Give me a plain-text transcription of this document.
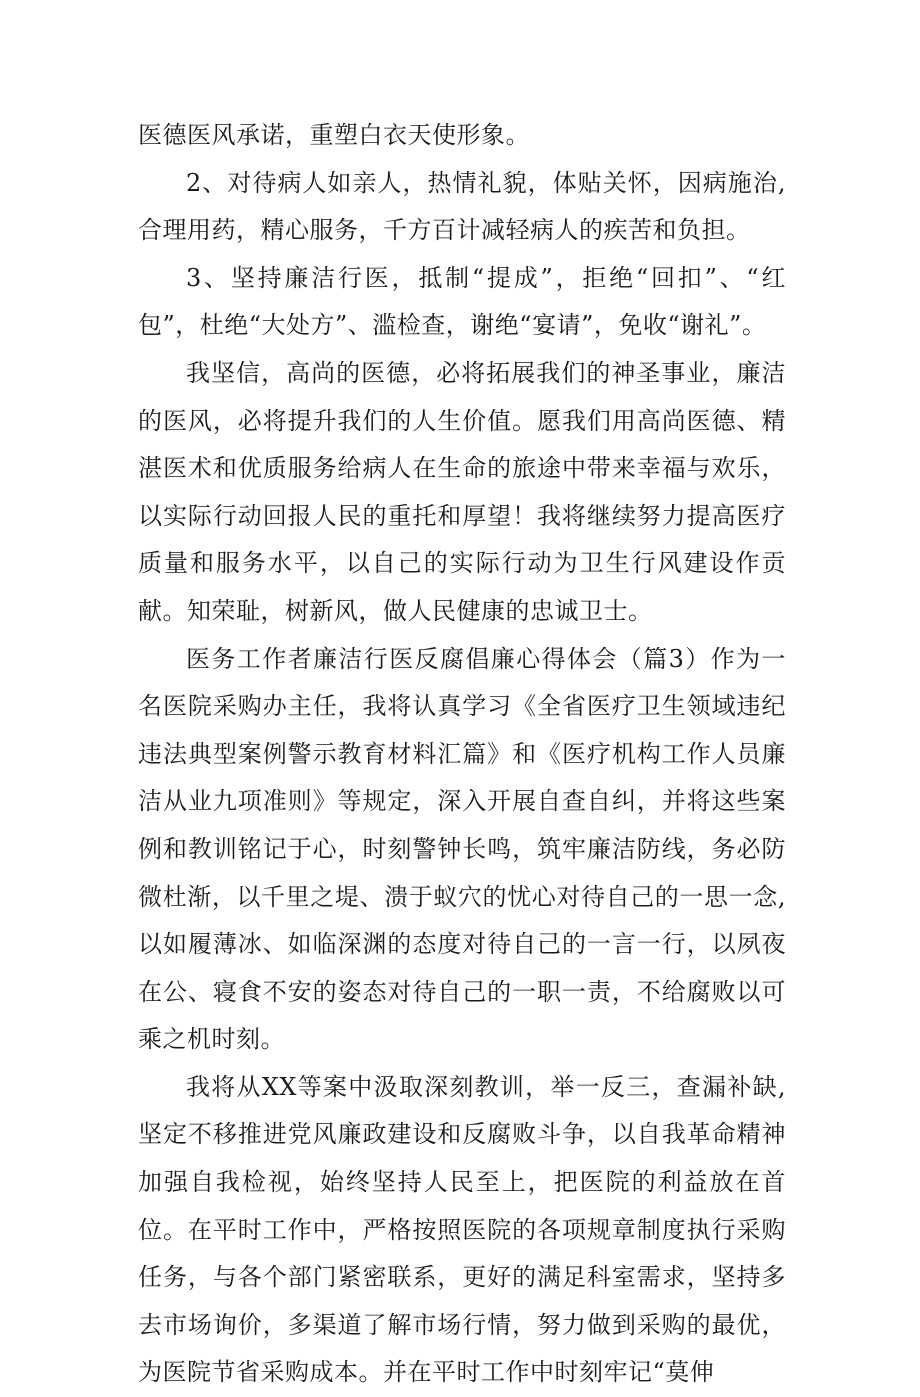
医德医风承诺，重塑白衣天使形象。

2、对待病人如亲人，热情礼貌，体贴关怀，因病施治,合理用药，精心服务，千方百计减轻病人的疾苦和负担。

3、坚持廉洁行医，抵制“提成”，拒绝“回扣”、“红包”，杜绝“大处方”、滥检查，谢绝“宴请”，免收“谢礼”。

我坚信，高尚的医德，必将拓展我们的神圣事业，廉洁的医风，必将提升我们的人生价值。愿我们用高尚医德、精湛医术和优质服务给病人在生命的旅途中带来幸福与欢乐，以实际行动回报人民的重托和厚望！我将继续努力提高医疗质量和服务水平，以自己的实际行动为卫生行风建设作贡献。知荣耻，树新风，做人民健康的忠诚卫士。

医务工作者廉洁行医反腐倡廉心得体会（篇3）作为一名医院采购办主任，我将认真学习《全省医疗卫生领域违纪违法典型案例警示教育材料汇篇》和《医疗机构工作人员廉洁从业九项准则》等规定，深入开展自查自纠，并将这些案例和教训铭记于心，时刻警钟长鸣，筑牢廉洁防线，务必防微杜渐，以千里之堤、溃于蚁穴的忧心对待自己的一思一念,以如履薄冰、如临深渊的态度对待自己的一言一行，以夙夜在公、寝食不安的姿态对待自己的一职一责，不给腐败以可乘之机时刻。

我将从XX等案中汲取深刻教训，举一反三，查漏补缺,坚定不移推进党风廉政建设和反腐败斗争，以自我革命精神加强自我检视，始终坚持人民至上，把医院的利益放在首位。在平时工作中，严格按照医院的各项规章制度执行采购任务，与各个部门紧密联系，更好的满足科室需求，坚持多去市场询价，多渠道了解市场行情，努力做到采购的最优，为医院节省采购成本。并在平时工作中时刻牢记“莫伸
